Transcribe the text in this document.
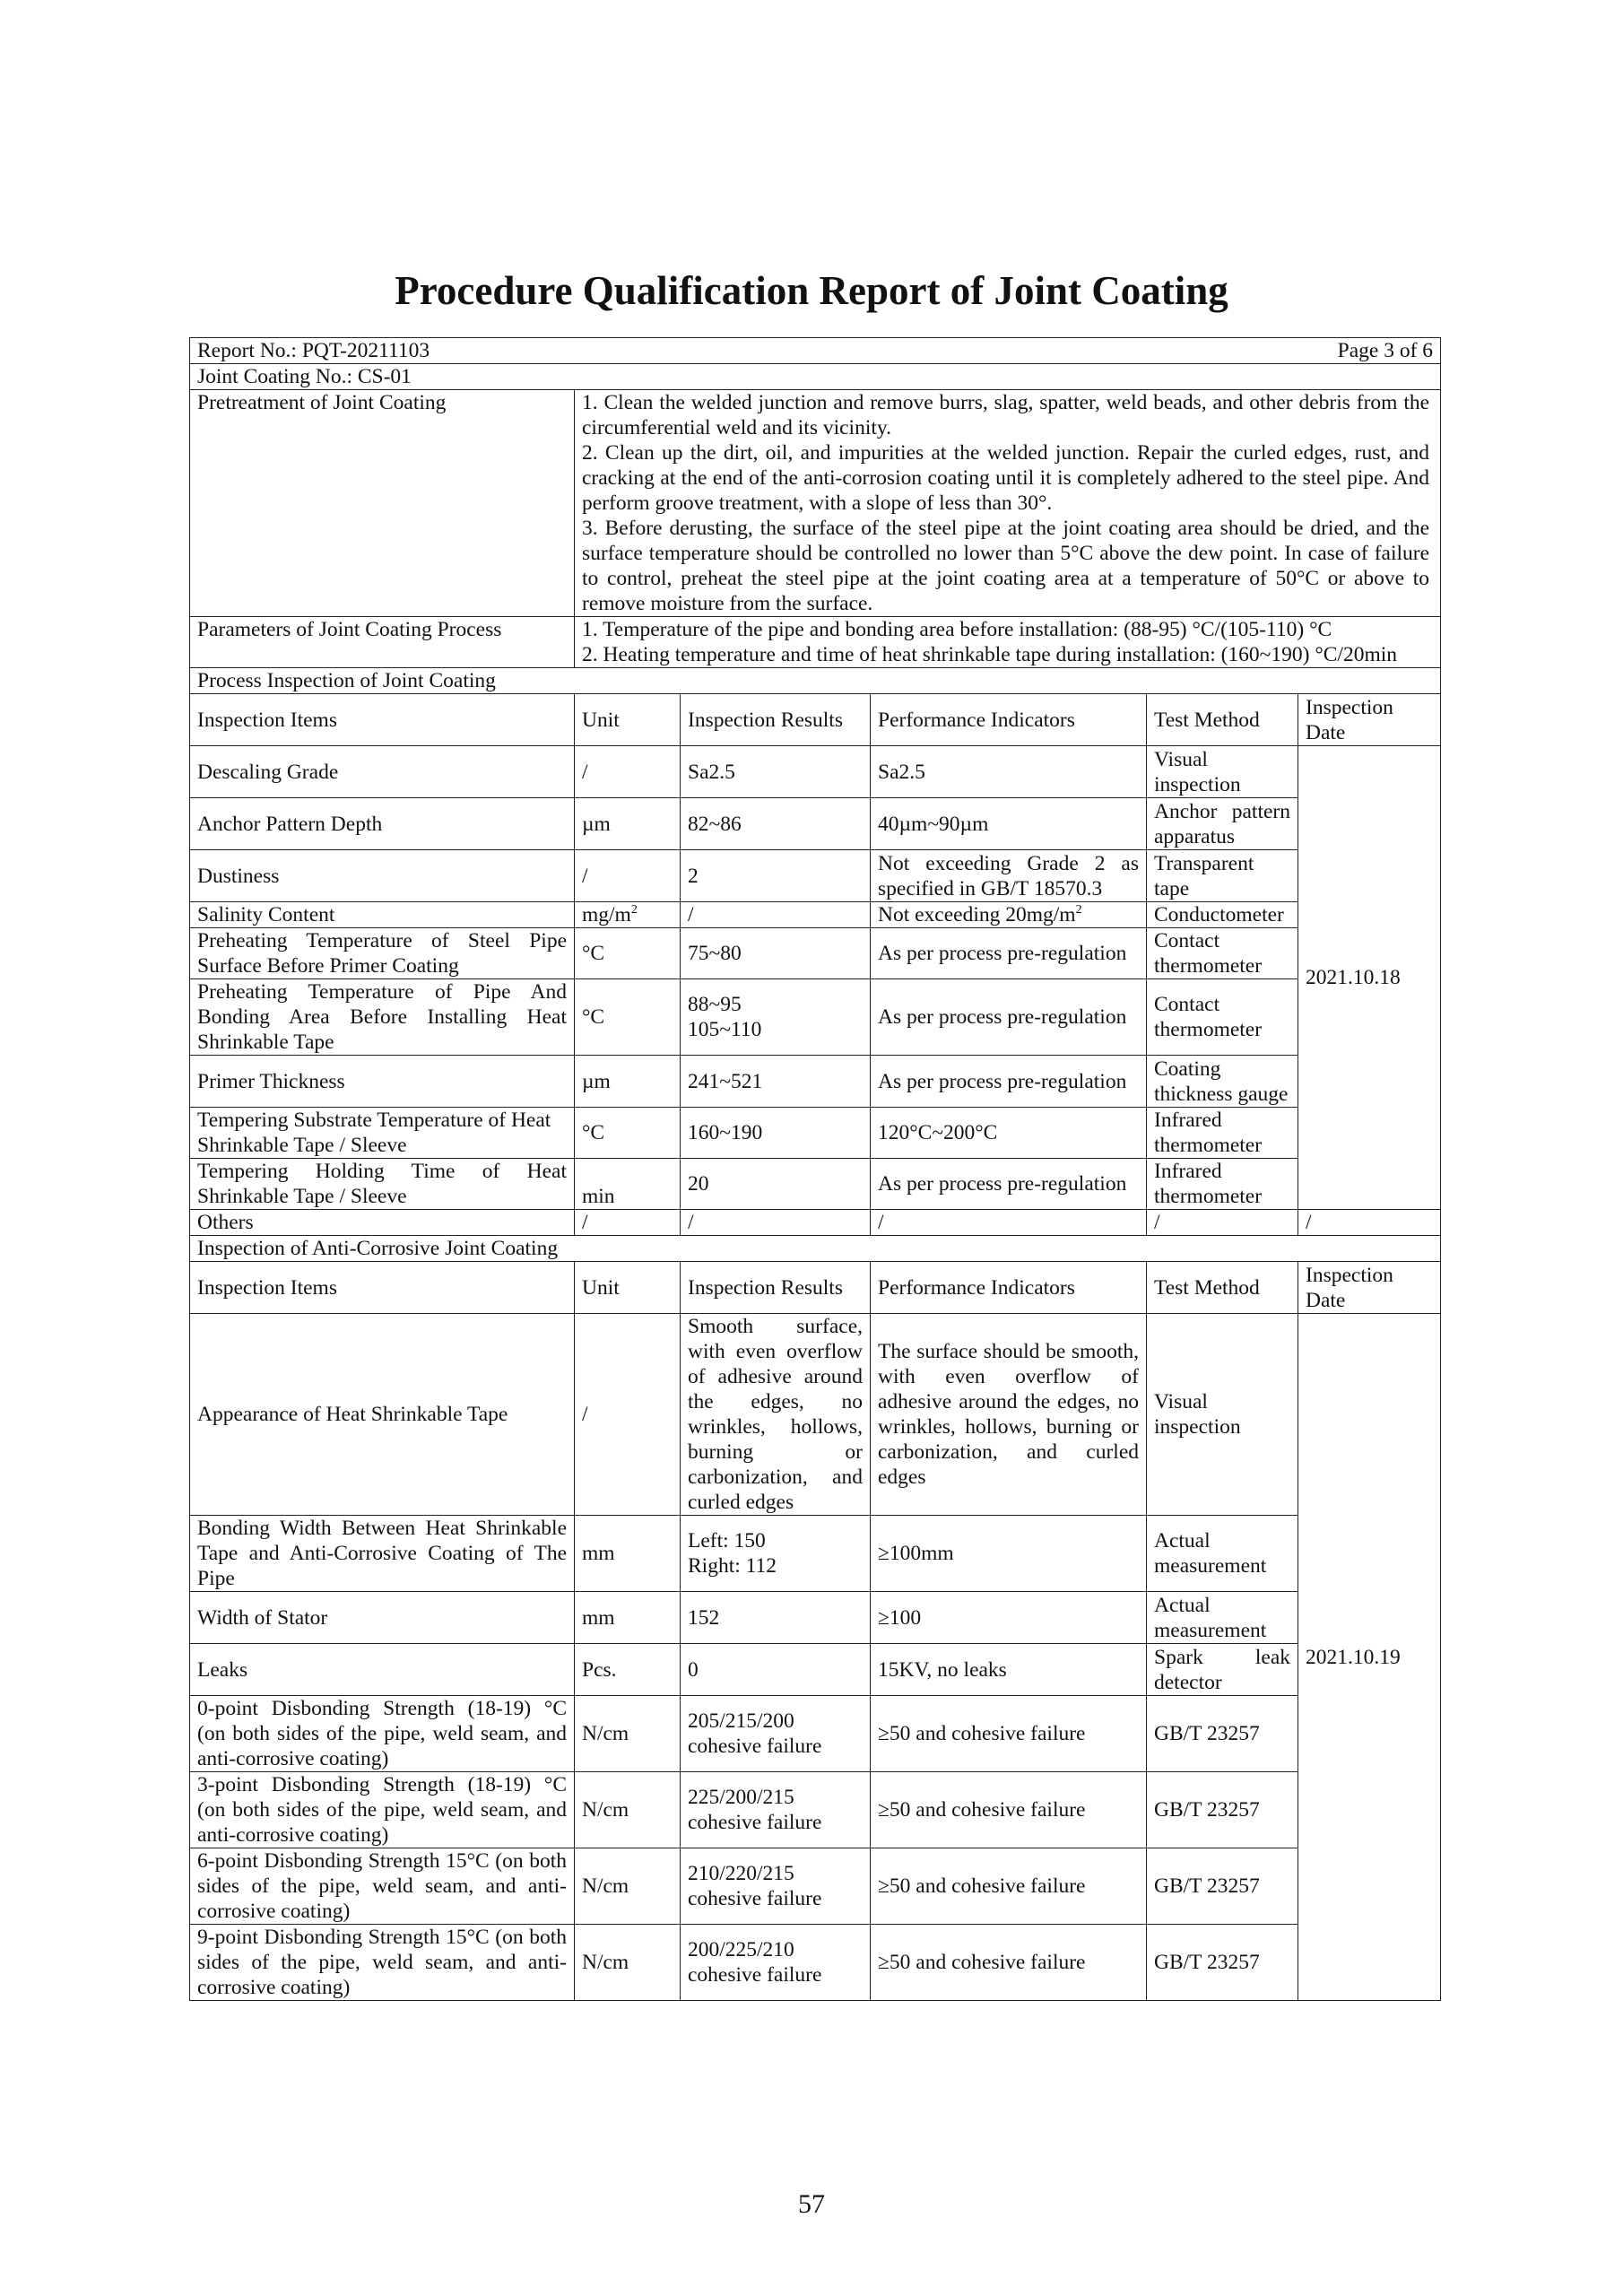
Procedure Qualification Report of Joint Coating
Report No.: PQT-20211103 Page 3 of 6					

Joint Coating No.: CS-01					
Pretreatment of Joint Coating	1. Clean the welded junction and remove burrs, slag, spatter, weld beads, and other debris from the circumferential weld and its vicinity.
2. Clean up the dirt, oil, and impurities at the welded junction. Repair the curled edges, rust, and cracking at the end of the anti-corrosion coating until it is completely adhered to the steel pipe. And perform groove treatment, with a slope of less than 30°.
3. Before derusting, the surface of the steel pipe at the joint coating area should be dried, and the surface temperature should be controlled no lower than 5°C above the dew point. In case of failure to control, preheat the steel pipe at the joint coating area at a temperature of 50°C or above to remove moisture from the surface.				

Parameters of Joint Coating Process	1. Temperature of the pipe and bonding area before installation: (88-95) °C/(105-110) °C
2. Heating temperature and time of heat shrinkable tape during installation: (160~190) °C/20min				

Process Inspection of Joint Coating					
Inspection Items	Unit	Inspection Results	Performance Indicators	Test Method	Inspection Date
Descaling Grade	/	Sa2.5	Sa2.5	Visual inspection	2021.10.18
Anchor Pattern Depth	µm	82~86	40µm~90µm	Anchor pattern apparatus	
Dustiness	/	2	Not exceeding Grade 2 as specified in GB/T 18570.3	Transparent tape	
Salinity Content	$mg/m^2$	/	Not exceeding $20mg/m^2$	Conductometer	
Preheating Temperature of Steel Pipe Surface Before Primer Coating	°C	75~80	As per process pre-regulation	Contact thermometer	
Preheating Temperature of Pipe And Bonding Area Before Installing Heat Shrinkable Tape	°C	88~95
105~110	As per process pre-regulation	Contact thermometer	
Primer Thickness	µm	241~521	As per process pre-regulation	Coating thickness gauge	
Tempering Substrate Temperature of Heat Shrinkable Tape / Sleeve	°C	160~190	120°C~200°C	Infrared thermometer	
Tempering Holding Time of Heat Shrinkable Tape / Sleeve	min	20	As per process pre-regulation	Infrared thermometer	
Others	/	/	/	/	/
Inspection of Anti-Corrosive Joint Coating					
Inspection Items	Unit	Inspection Results	Performance Indicators	Test Method	Inspection Date
Appearance of Heat Shrinkable Tape	/	Smooth surface, with even overflow of adhesive around the edges, no wrinkles, hollows, burning or carbonization, and curled edges	The surface should be smooth, with even overflow of adhesive around the edges, no wrinkles, hollows, burning or carbonization, and curled edges	Visual inspection	2021.10.19
Bonding Width Between Heat Shrinkable Tape and Anti-Corrosive Coating of The Pipe	mm	Left: 150
Right: 112	≥100mm	Actual measurement	
Width of Stator	mm	152	≥100	Actual measurement	
Leaks	Pcs.	0	15KV, no leaks	Spark leak detector	
0-point Disbonding Strength (18-19) °C (on both sides of the pipe, weld seam, and anti-corrosive coating)	N/cm	205/215/200 cohesive failure	≥50 and cohesive failure	GB/T 23257	
3-point Disbonding Strength (18-19) °C (on both sides of the pipe, weld seam, and anti-corrosive coating)	N/cm	225/200/215 cohesive failure	≥50 and cohesive failure	GB/T 23257	
6-point Disbonding Strength 15°C (on both sides of the pipe, weld seam, and anti-corrosive coating)	N/cm	210/220/215 cohesive failure	≥50 and cohesive failure	GB/T 23257	
9-point Disbonding Strength 15°C (on both sides of the pipe, weld seam, and anti-corrosive coating)	N/cm	200/225/210 cohesive failure	≥50 and cohesive failure	GB/T 23257	
57
